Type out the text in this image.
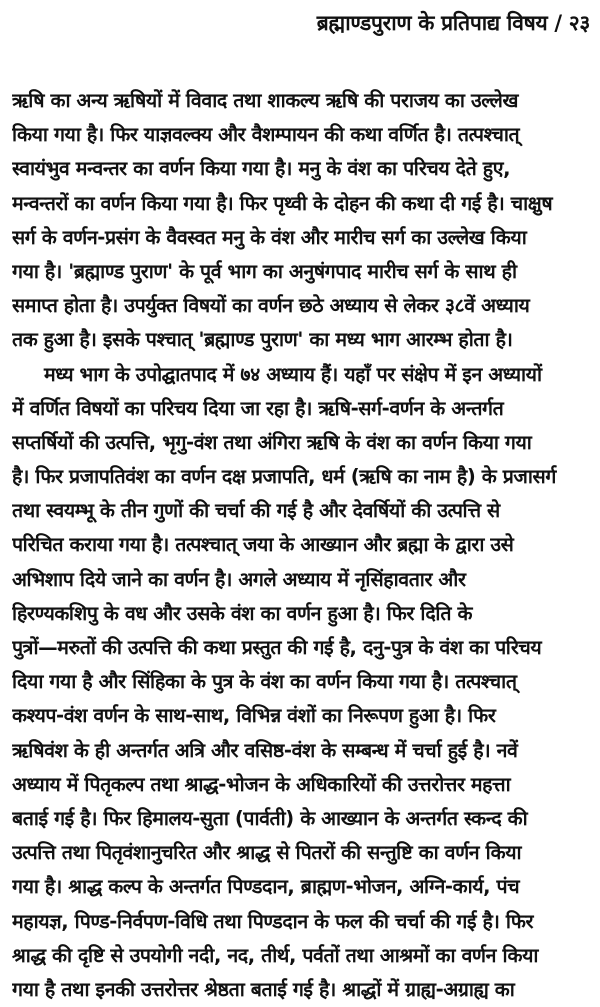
ब्रह्माण्डपुराण के प्रतिपाद्य विषय / २३
ऋषि का अन्य ऋषियों में विवाद तथा शाकल्य ऋषि की पराजय का उल्लेख
किया गया है। फिर याज्ञवल्क्य और वैशम्पायन की कथा वर्णित है। तत्पश्चात्
स्वायंभुव मन्वन्तर का वर्णन किया गया है। मनु के वंश का परिचय देते हुए,
मन्वन्तरों का वर्णन किया गया है। फिर पृथ्वी के दोहन की कथा दी गई है। चाक्षुष
सर्ग के वर्णन-प्रसंग के वैवस्वत मनु के वंश और मारीच सर्ग का उल्लेख किया
गया है। 'ब्रह्माण्ड पुराण' के पूर्व भाग का अनुषंगपाद मारीच सर्ग के साथ ही
समाप्त होता है। उपर्युक्त विषयों का वर्णन छठे अध्याय से लेकर ३८वें अध्याय
तक हुआ है। इसके पश्चात् 'ब्रह्माण्ड पुराण' का मध्य भाग आरम्भ होता है।
मध्य भाग के उपोद्घातपाद में ७४ अध्याय हैं। यहाँ पर संक्षेप में इन अध्यायों
में वर्णित विषयों का परिचय दिया जा रहा है। ऋषि-सर्ग-वर्णन के अन्तर्गत
सप्तर्षियों की उत्पत्ति, भृगु-वंश तथा अंगिरा ऋषि के वंश का वर्णन किया गया
है। फिर प्रजापतिवंश का वर्णन दक्ष प्रजापति, धर्म (ऋषि का नाम है) के प्रजासर्ग
तथा स्वयम्भू के तीन गुणों की चर्चा की गई है और देवर्षियों की उत्पत्ति से
परिचित कराया गया है। तत्पश्चात् जया के आख्यान और ब्रह्मा के द्वारा उसे
अभिशाप दिये जाने का वर्णन है। अगले अध्याय में नृसिंहावतार और
हिरण्यकशिपु के वध और उसके वंश का वर्णन हुआ है। फिर दिति के
पुत्रों—मरुतों की उत्पत्ति की कथा प्रस्तुत की गई है, दनु-पुत्र के वंश का परिचय
दिया गया है और सिंहिका के पुत्र के वंश का वर्णन किया गया है। तत्पश्चात्
कश्यप-वंश वर्णन के साथ-साथ, विभिन्न वंशों का निरूपण हुआ है। फिर
ऋषिवंश के ही अन्तर्गत अत्रि और वसिष्ठ-वंश के सम्बन्ध में चर्चा हुई है। नवें
अध्याय में पितृकल्प तथा श्राद्ध-भोजन के अधिकारियों की उत्तरोत्तर महत्ता
बताई गई है। फिर हिमालय-सुता (पार्वती) के आख्यान के अन्तर्गत स्कन्द की
उत्पत्ति तथा पितृवंशानुचरित और श्राद्ध से पितरों की सन्तुष्टि का वर्णन किया
गया है। श्राद्ध कल्प के अन्तर्गत पिण्डदान, ब्राह्मण-भोजन, अग्नि-कार्य, पंच
महायज्ञ, पिण्ड-निर्वपण-विधि तथा पिण्डदान के फल की चर्चा की गई है। फिर
श्राद्ध की दृष्टि से उपयोगी नदी, नद, तीर्थ, पर्वतों तथा आश्रमों का वर्णन किया
गया है तथा इनकी उत्तरोत्तर श्रेष्ठता बताई गई है। श्राद्धों में ग्राह्य-अग्राह्य का
